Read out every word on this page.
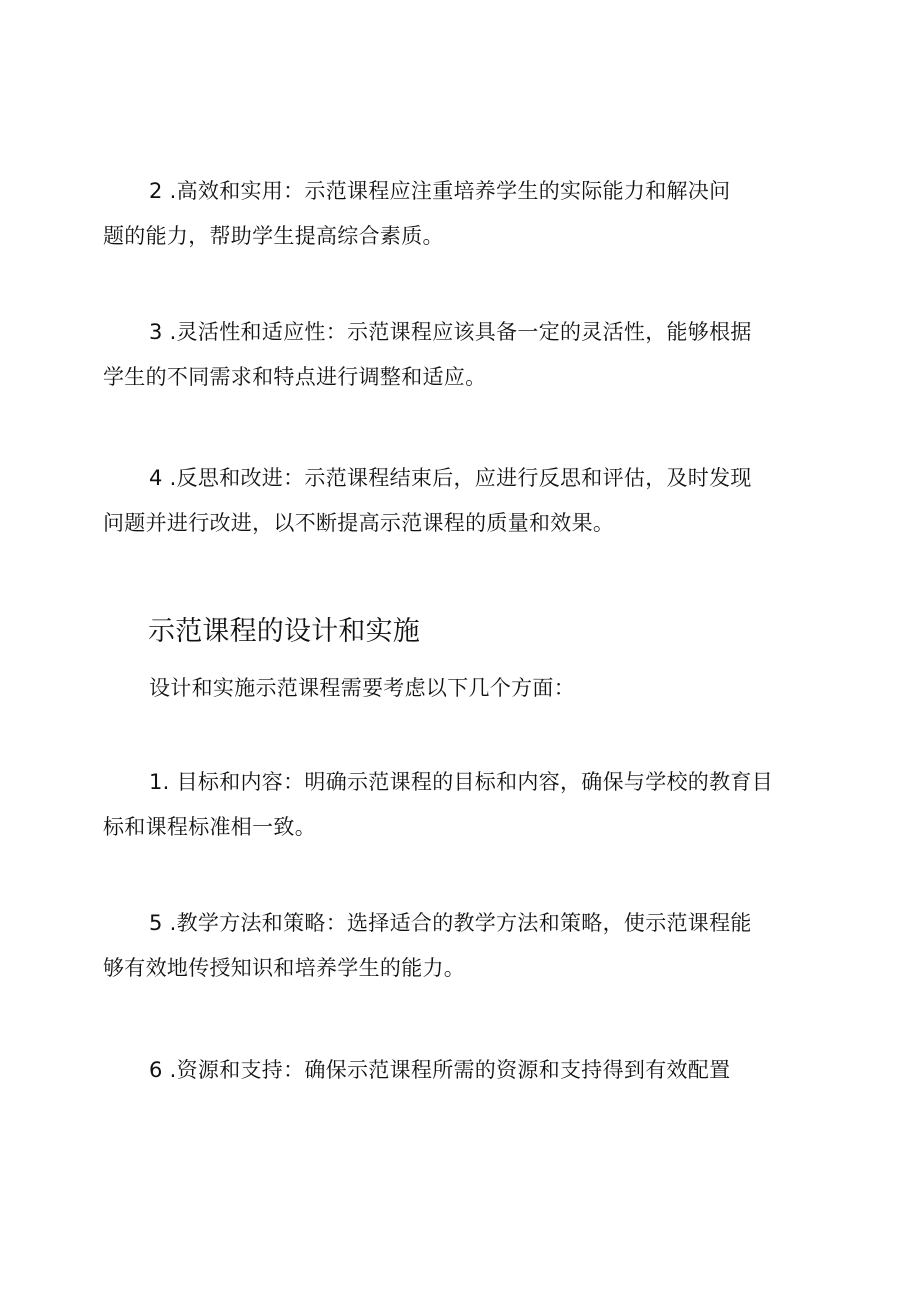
2 .高效和实用：示范课程应注重培养学生的实际能力和解决问
题的能力，帮助学生提高综合素质。
3 .灵活性和适应性：示范课程应该具备一定的灵活性，能够根据
学生的不同需求和特点进行调整和适应。
4 .反思和改进：示范课程结束后，应进行反思和评估，及时发现
问题并进行改进，以不断提高示范课程的质量和效果。
示范课程的设计和实施
设计和实施示范课程需要考虑以下几个方面：
1. 目标和内容：明确示范课程的目标和内容，确保与学校的教育目
标和课程标准相一致。
5 .教学方法和策略：选择适合的教学方法和策略，使示范课程能
够有效地传授知识和培养学生的能力。
6 .资源和支持：确保示范课程所需的资源和支持得到有效配置
